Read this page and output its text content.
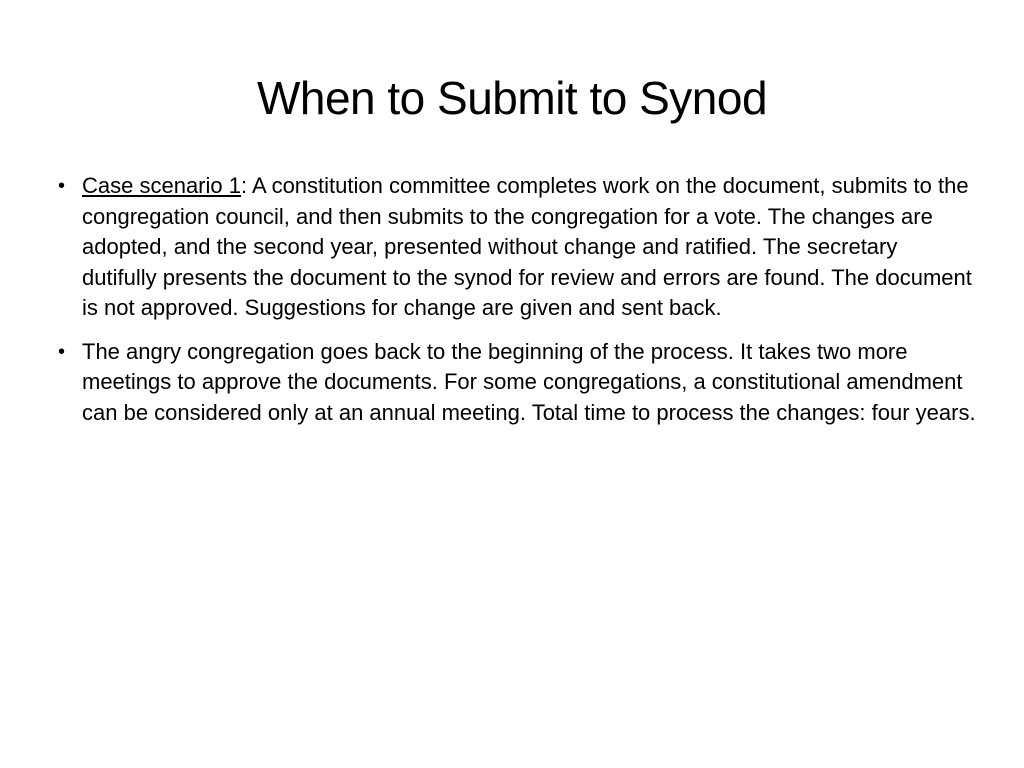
When to Submit to Synod
• Case scenario 1: A constitution committee completes work on the document, submits to the congregation council, and then submits to the congregation for a vote. The changes are adopted, and the second year, presented without change and ratified. The secretary dutifully presents the document to the synod for review and errors are found. The document is not approved. Suggestions for change are given and sent back.
• The angry congregation goes back to the beginning of the process. It takes two more meetings to approve the documents. For some congregations, a constitutional amendment can be considered only at an annual meeting. Total time to process the changes: four years.
